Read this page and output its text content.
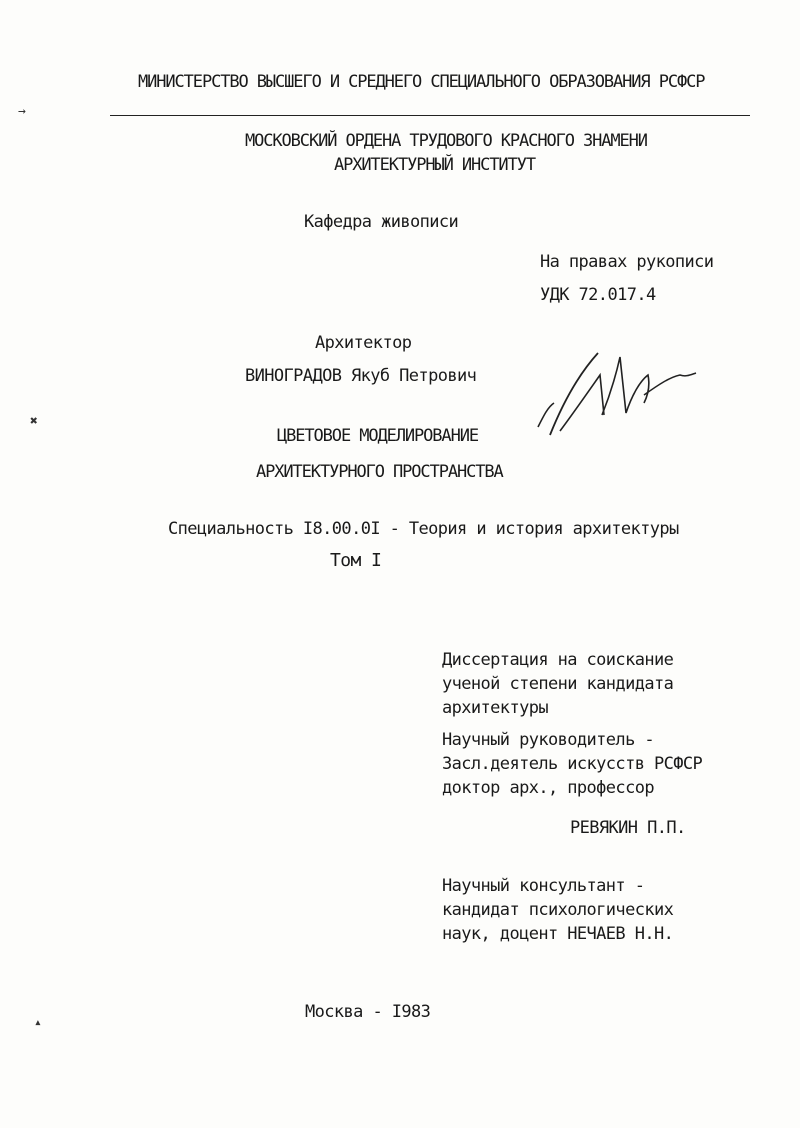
МИНИСТЕРСТВО ВЫСШЕГО И СРЕДНЕГО СПЕЦИАЛЬНОГО ОБРАЗОВАНИЯ РСФСР
МОСКОВСКИЙ ОРДЕНА ТРУДОВОГО КРАСНОГО ЗНАМЕНИ
АРХИТЕКТУРНЫЙ ИНСТИТУТ
Кафедра живописи
На правах рукописи
УДК 72.017.4
Архитектор
ВИНОГРАДОВ Якуб Петрович
ЦВЕТОВОЕ МОДЕЛИРОВАНИЕ
АРХИТЕКТУРНОГО ПРОСТРАНСТВА
Специальность I8.00.0I - Теория и история архитектуры
Том I
Диссертация на соискание
ученой степени кандидата
архитектуры
Научный руководитель -
Засл.деятель искусств РСФСР
доктор арх., профессор
РЕВЯКИН П.П.
Научный консультант -
кандидат психологических
наук, доцент НЕЧАЕВ Н.Н.
Москва - I983
→
✖
▴
